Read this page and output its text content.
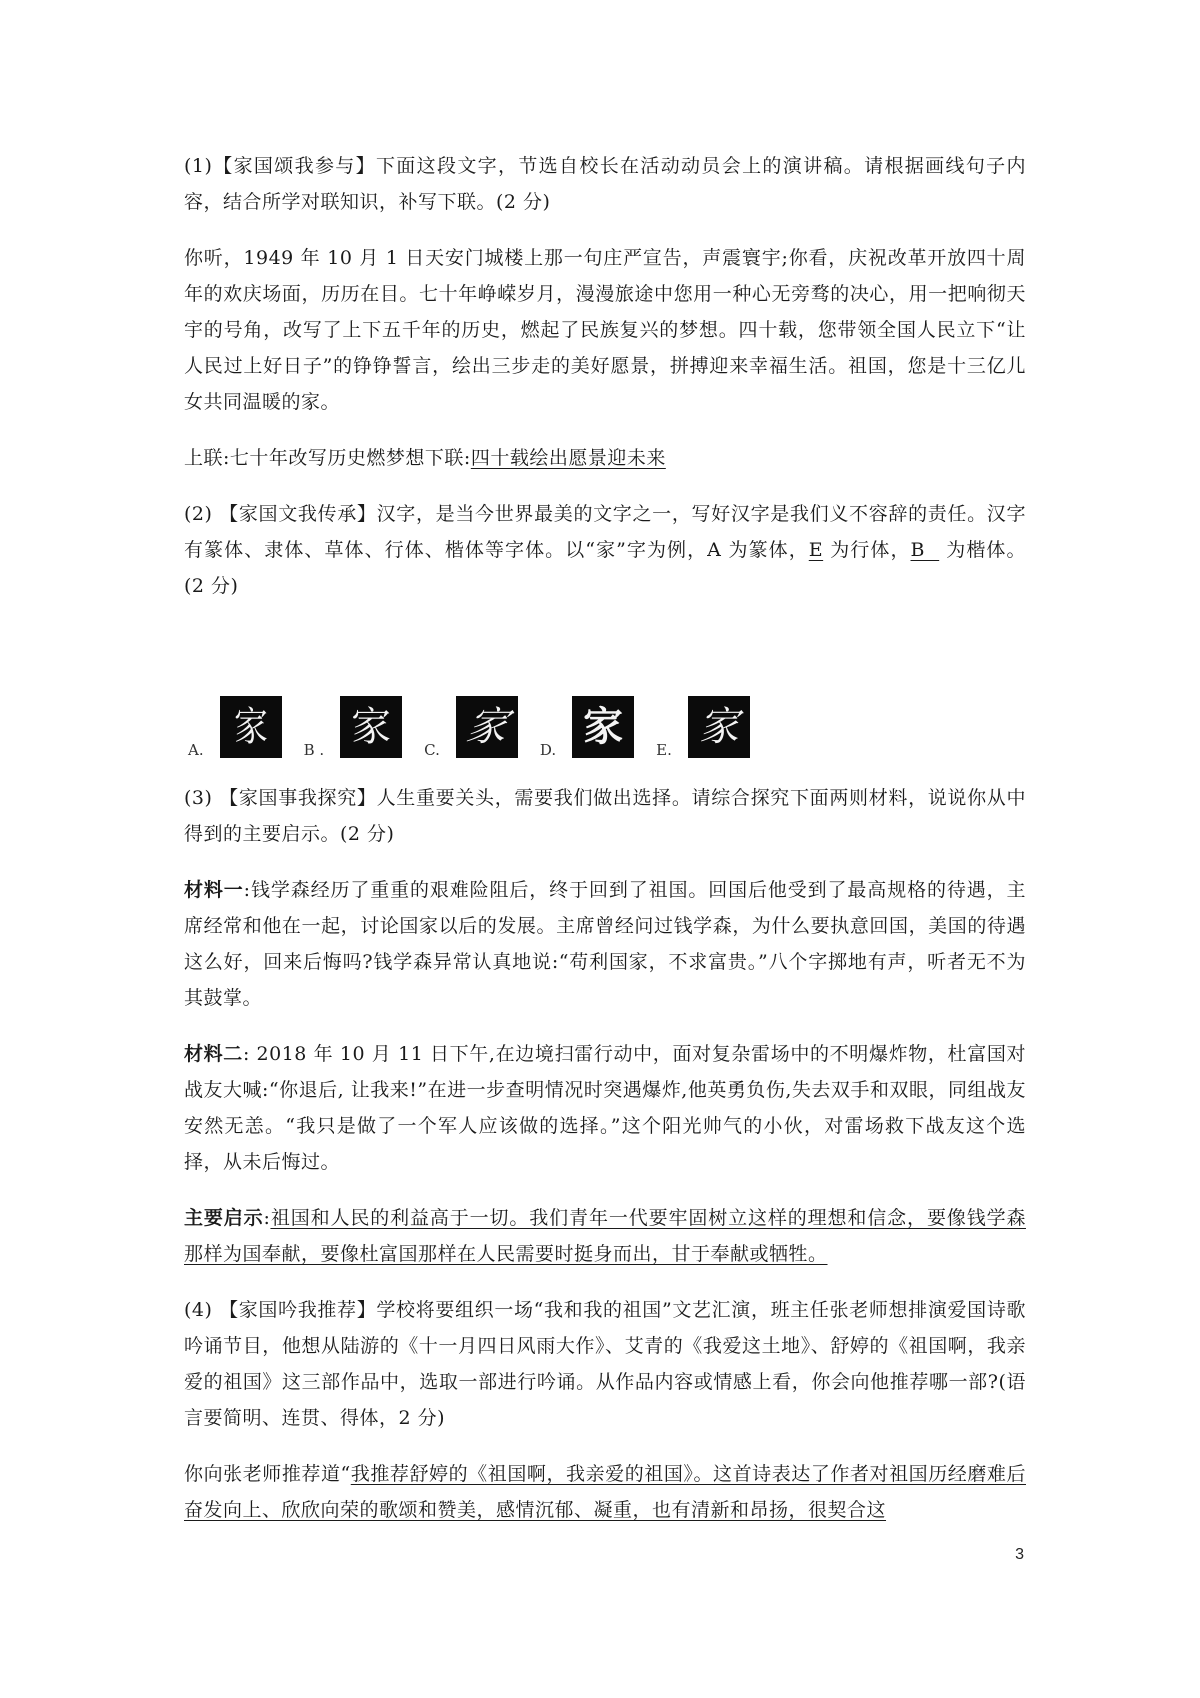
(1)【家国颂我参与】下面这段文字，节选自校长在活动动员会上的演讲稿。请根据画线句子内容，结合所学对联知识，补写下联。(2 分)

你听，1949 年 10 月 1 日天安门城楼上那一句庄严宣告，声震寰宇;你看，庆祝改革开放四十周年的欢庆场面，历历在目。七十年峥嵘岁月，漫漫旅途中您用一种心无旁骛的决心，用一把响彻天宇的号角，改写了上下五千年的历史，燃起了民族复兴的梦想。四十载，您带领全国人民立下“让人民过上好日子”的铮铮誓言，绘出三步走的美好愿景，拼搏迎来幸福生活。祖国，您是十三亿儿女共同温暖的家。

上联:七十年改写历史燃梦想下联:四十载绘出愿景迎未来

(2) 【家国文我传承】汉字，是当今世界最美的文字之一，写好汉字是我们义不容辞的责任。汉字有篆体、隶体、草体、行体、楷体等字体。以“家”字为例，A 为篆体，E 为行体，B   为楷体。 (2 分)

A. 家 B . 家 C. 家 D. 家 E. 家

(3) 【家国事我探究】人生重要关头，需要我们做出选择。请综合探究下面两则材料，说说你从中得到的主要启示。(2 分)

材料一:钱学森经历了重重的艰难险阻后，终于回到了祖国。回国后他受到了最高规格的待遇，主席经常和他在一起，讨论国家以后的发展。主席曾经问过钱学森，为什么要执意回国，美国的待遇这么好，回来后悔吗?钱学森异常认真地说:“苟利国家，不求富贵。”八个字掷地有声，听者无不为其鼓掌。

材料二: 2018 年 10 月 11 日下午,在边境扫雷行动中，面对复杂雷场中的不明爆炸物，杜富国对战友大喊:“你退后, 让我来!”在进一步查明情况时突遇爆炸,他英勇负伤,失去双手和双眼，同组战友安然无恙。“我只是做了一个军人应该做的选择。”这个阳光帅气的小伙，对雷场救下战友这个选择，从未后悔过。

主要启示:祖国和人民的利益高于一切。我们青年一代要牢固树立这样的理想和信念，要像钱学森那样为国奉献，要像杜富国那样在人民需要时挺身而出，甘于奉献或牺牲。

(4) 【家国吟我推荐】学校将要组织一场“我和我的祖国”文艺汇演，班主任张老师想排演爱国诗歌吟诵节目，他想从陆游的《十一月四日风雨大作》、艾青的《我爱这土地》、舒婷的《祖国啊，我亲爱的祖国》这三部作品中，选取一部进行吟诵。从作品内容或情感上看，你会向他推荐哪一部?(语言要简明、连贯、得体，2 分)

你向张老师推荐道“我推荐舒婷的《祖国啊，我亲爱的祖国》。这首诗表达了作者对祖国历经磨难后奋发向上、欣欣向荣的歌颂和赞美，感情沉郁、凝重，也有清新和昂扬，很契合这

3
